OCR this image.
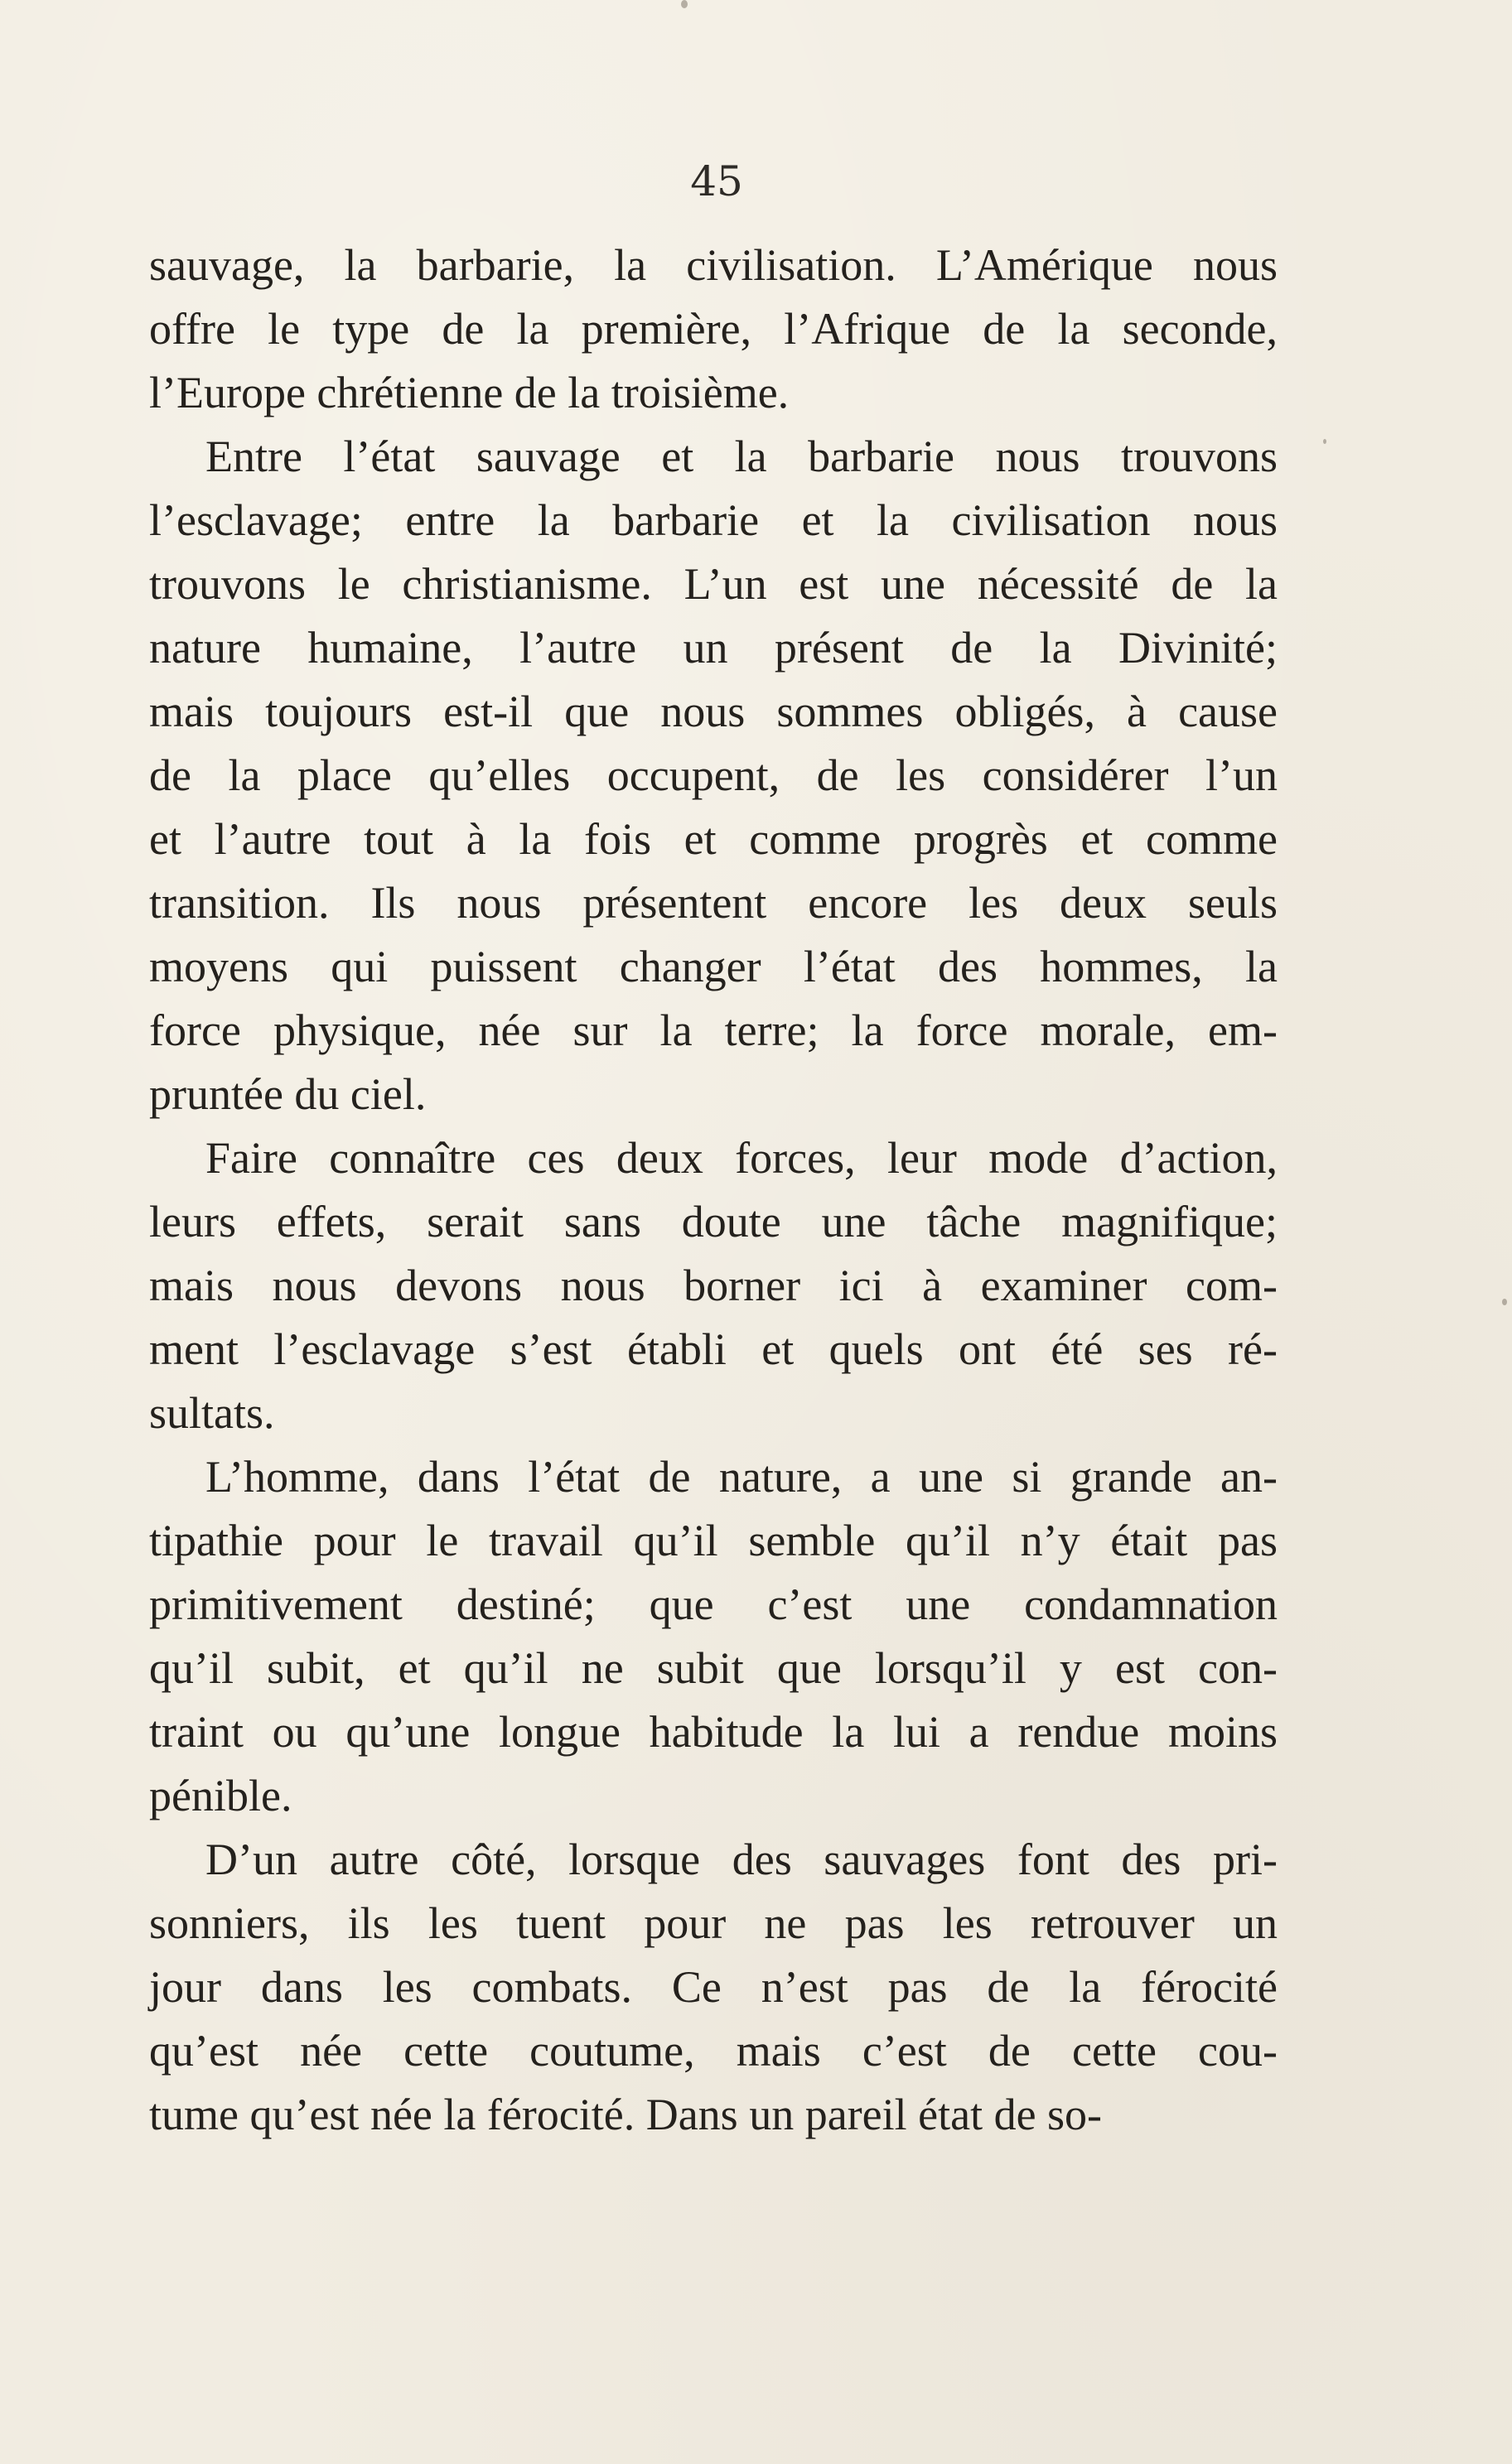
45
sauvage, la barbarie, la civilisation. L’Amérique nous
offre le type de la première, l’Afrique de la seconde,
l’Europe chrétienne de la troisième.
Entre l’état sauvage et la barbarie nous trouvons
l’esclavage; entre la barbarie et la civilisation nous
trouvons le christianisme. L’un est une nécessité de la
nature humaine, l’autre un présent de la Divinité;
mais toujours est-il que nous sommes obligés, à cause
de la place qu’elles occupent, de les considérer l’un
et l’autre tout à la fois et comme progrès et comme
transition. Ils nous présentent encore les deux seuls
moyens qui puissent changer l’état des hommes, la
force physique, née sur la terre; la force morale, em-
pruntée du ciel.
Faire connaître ces deux forces, leur mode d’action,
leurs effets, serait sans doute une tâche magnifique;
mais nous devons nous borner ici à examiner com-
ment l’esclavage s’est établi et quels ont été ses ré-
sultats.
L’homme, dans l’état de nature, a une si grande an-
tipathie pour le travail qu’il semble qu’il n’y était pas
primitivement destiné; que c’est une condamnation
qu’il subit, et qu’il ne subit que lorsqu’il y est con-
traint ou qu’une longue habitude la lui a rendue moins
pénible.
D’un autre côté, lorsque des sauvages font des pri-
sonniers, ils les tuent pour ne pas les retrouver un
jour dans les combats. Ce n’est pas de la férocité
qu’est née cette coutume, mais c’est de cette cou-
tume qu’est née la férocité. Dans un pareil état de so-
